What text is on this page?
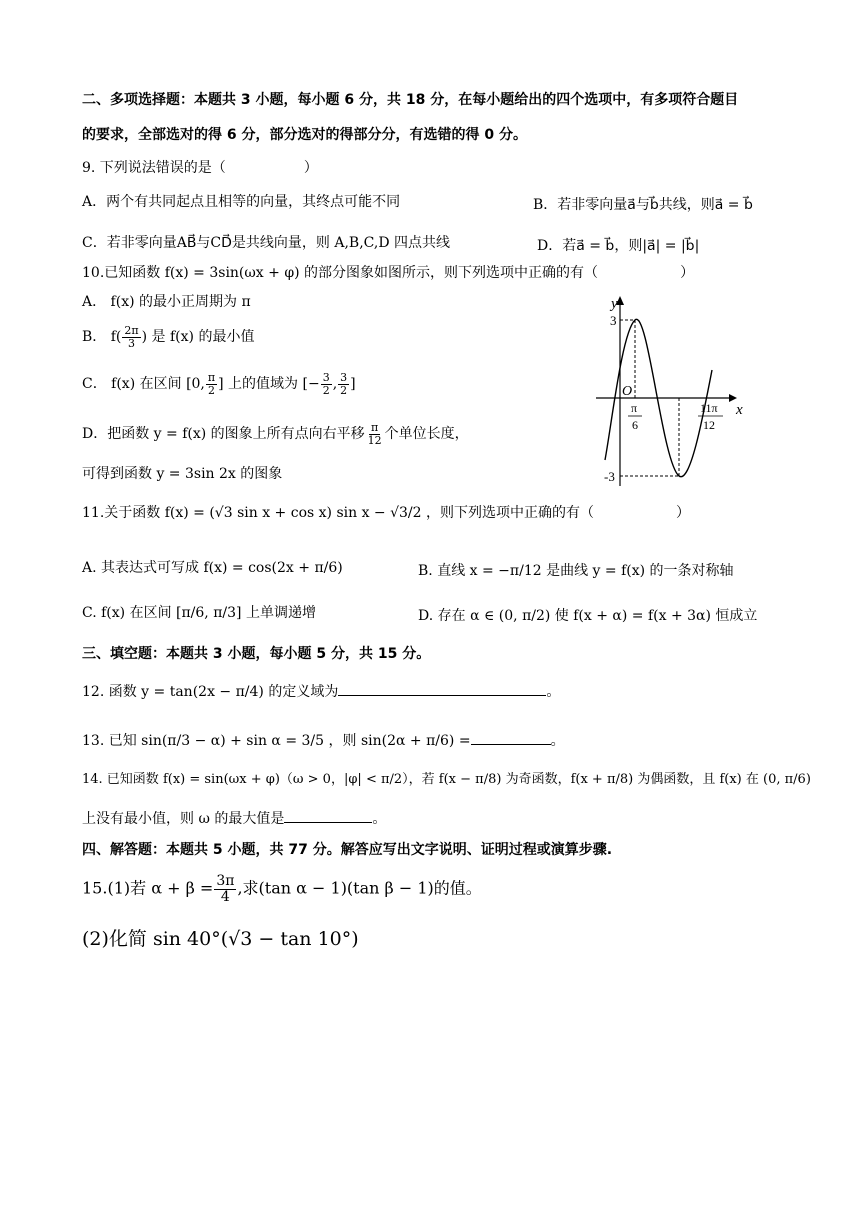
二、多项选择题：本题共 3 小题，每小题 6 分，共 18 分，在每小题给出的四个选项中，有多项符合题目
的要求，全部选对的得 6 分，部分选对的得部分分，有选错的得 0 分。
9. 下列说法错误的是（	）
A．两个有共同起点且相等的向量，其终点可能不同	B．若非零向量a⃗与b⃗共线，则a⃗ = b⃗
C．若非零向量AB⃗与CD⃗是共线向量，则 A,B,C,D 四点共线	D．若a⃗ = b⃗，则|a⃗| = |b⃗|
10.已知函数 f(x) = 3sin(ωx + φ) 的部分图象如图所示，则下列选项中正确的有（	）
A． f(x) 的最小正周期为 π
B． $f( \frac{2\pi}{3}$ ) 是 f(x) 的最小值
C． f(x) 在区间 [0, $\frac{\pi}{2}$ ] 上的值域为 [− $\frac{3}{2}$ , $\frac{3}{2}$ ]
D．把函数 y = f(x) 的图象上所有点向右平移 $\frac{\pi}{12}$ 个单位长度，
可得到函数 y = 3sin 2x 的图象
y
x
O
3
-3
π
6
11π
12
11.关于函数 f(x) = (√3 sin x + cos x) sin x − √3/2 ，则下列选项中正确的有（	）
A. 其表达式可写成 f(x) = cos(2x + π/6)	B. 直线 x = −π/12 是曲线 y = f(x) 的一条对称轴
C. f(x) 在区间 [π/6, π/3] 上单调递增	D. 存在 α ∈ (0, π/2) 使 f(x + α) = f(x + 3α) 恒成立
三、填空题：本题共 3 小题，每小题 5 分，共 15 分。
12. 函数 y = tan(2x − π/4) 的定义域为	。
13. 已知 sin(π/3 − α) + sin α = 3/5 ，则 sin(2α + π/6) =	。
14. 已知函数 f(x) = sin(ωx + φ)（ω > 0，|φ| < π/2），若 f(x − π/8) 为奇函数，f(x + π/8) 为偶函数，且 f(x) 在 (0, π/6)
上没有最小值，则 ω 的最大值是	。
四、解答题：本题共 5 小题，共 77 分。解答应写出文字说明、证明过程或演算步骤.
15.(1)若 $\alpha + \beta = \frac{3\pi}{4}$ ,求(tan α − 1)(tan β − 1)的值。
(2)化简 sin 40°(√3 − tan 10°)
